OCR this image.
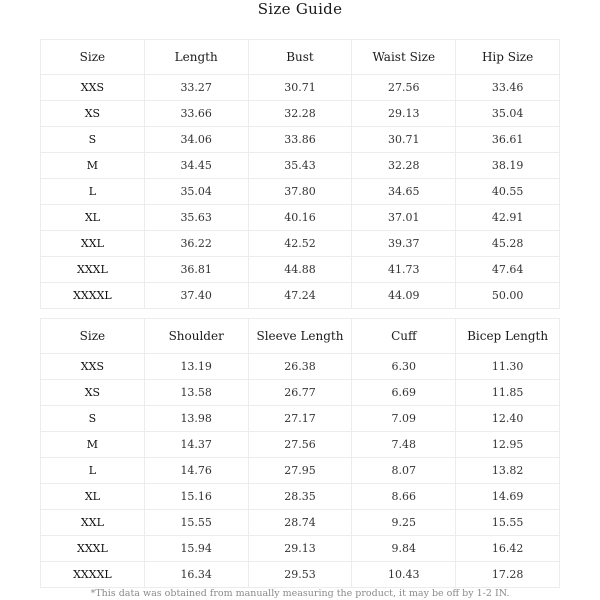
Size Guide
Size	Length	Bust	Waist Size	Hip Size
XXS	33.27	30.71	27.56	33.46
XS	33.66	32.28	29.13	35.04
S	34.06	33.86	30.71	36.61
M	34.45	35.43	32.28	38.19
L	35.04	37.80	34.65	40.55
XL	35.63	40.16	37.01	42.91
XXL	36.22	42.52	39.37	45.28
XXXL	36.81	44.88	41.73	47.64
XXXXL	37.40	47.24	44.09	50.00
Size	Shoulder	Sleeve Length	Cuff	Bicep Length
XXS	13.19	26.38	6.30	11.30
XS	13.58	26.77	6.69	11.85
S	13.98	27.17	7.09	12.40
M	14.37	27.56	7.48	12.95
L	14.76	27.95	8.07	13.82
XL	15.16	28.35	8.66	14.69
XXL	15.55	28.74	9.25	15.55
XXXL	15.94	29.13	9.84	16.42
XXXXL	16.34	29.53	10.43	17.28
*This data was obtained from manually measuring the product, it may be off by 1-2 IN.
